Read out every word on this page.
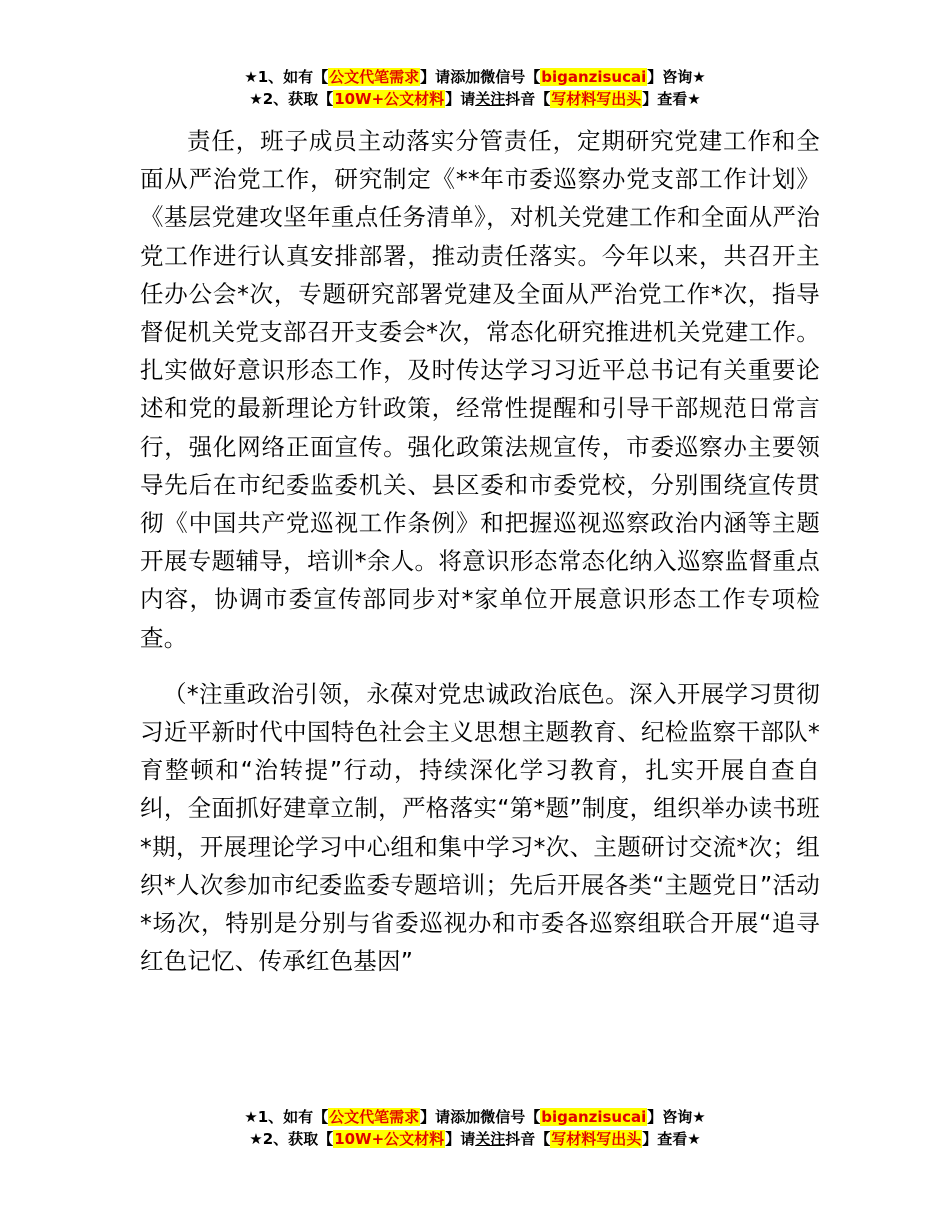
★1、如有【公文代笔需求】请添加微信号【biganzisucai】咨询★
★2、获取【10W+公文材料】请关注抖音【写材料写出头】查看★

责任，班子成员主动落实分管责任，定期研究党建工作和全面从严治党工作，研究制定《**年市委巡察办党支部工作计划》《基层党建攻坚年重点任务清单》，对机关党建工作和全面从严治党工作进行认真安排部署，推动责任落实。今年以来，共召开主任办公会*次，专题研究部署党建及全面从严治党工作*次，指导督促机关党支部召开支委会*次，常态化研究推进机关党建工作。扎实做好意识形态工作，及时传达学习习近平总书记有关重要论述和党的最新理论方针政策，经常性提醒和引导干部规范日常言行，强化网络正面宣传。强化政策法规宣传，市委巡察办主要领导先后在市纪委监委机关、县区委和市委党校，分别围绕宣传贯彻《中国共产党巡视工作条例》和把握巡视巡察政治内涵等主题开展专题辅导，培训*余人。将意识形态常态化纳入巡察监督重点内容，协调市委宣传部同步对*家单位开展意识形态工作专项检查。

（*注重政治引领，永葆对党忠诚政治底色。深入开展学习贯彻习近平新时代中国特色社会主义思想主题教育、纪检监察干部队*育整顿和“治转提”行动，持续深化学习教育，扎实开展自查自纠，全面抓好建章立制，严格落实“第*题”制度，组织举办读书班*期，开展理论学习中心组和集中学习*次、主题研讨交流*次；组织*人次参加市纪委监委专题培训；先后开展各类“主题党日”活动*场次，特别是分别与省委巡视办和市委各巡察组联合开展“追寻红色记忆、传承红色基因”

★1、如有【公文代笔需求】请添加微信号【biganzisucai】咨询★
★2、获取【10W+公文材料】请关注抖音【写材料写出头】查看★
